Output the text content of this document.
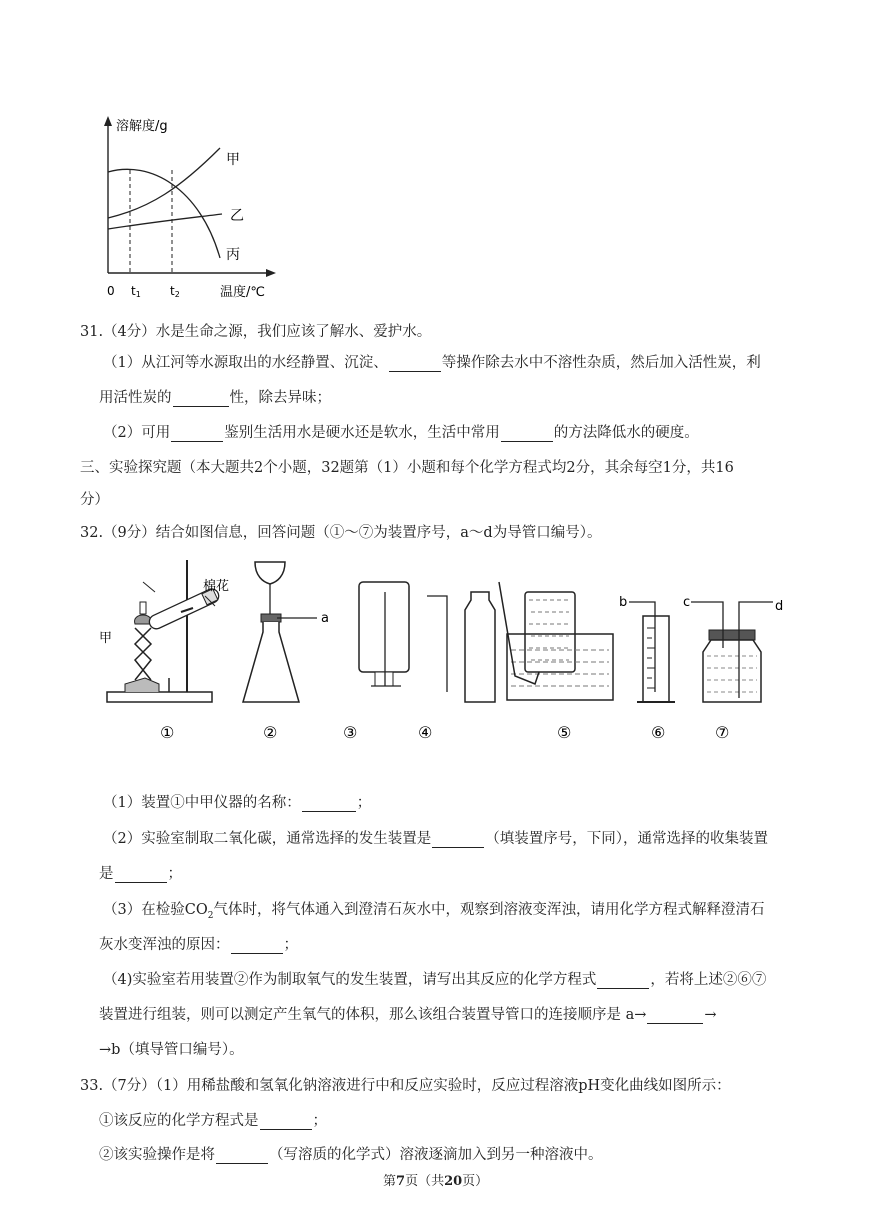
溶解度/g
温度/℃
0 t1 t2
甲
乙
丙
31.（4分）水是生命之源，我们应该了解水、爱护水。
（1）从江河等水源取出的水经静置、沉淀、	等操作除去水中不溶性杂质，然后加入活性炭，利
用活性炭的	性，除去异味；
（2）可用	鉴别生活用水是硬水还是软水，生活中常用	的方法降低水的硬度。
三、实验探究题（本大题共2个小题，32题第（1）小题和每个化学方程式均2分，其余每空1分，共16
分）
32.（9分）结合如图信息，回答问题（①～⑦为装置序号，a～d为导管口编号）。
棉花
甲
a
b	c	d
①	②	③	④	⑤	⑥	⑦
（1）装置①中甲仪器的名称：	；
（2）实验室制取二氧化碳，通常选择的发生装置是	（填装置序号，下同），通常选择的收集装置
是	；
（3）在检验$CO_2$气体时，将气体通入到澄清石灰水中，观察到溶液变浑浊，请用化学方程式解释澄清石
灰水变浑浊的原因：	；
（4)实验室若用装置②作为制取氧气的发生装置，请写出其反应的化学方程式	，若将上述②⑥⑦
装置进行组装，则可以测定产生氧气的体积，那么该组合装置导管口的连接顺序是 a→	→
→b（填导管口编号）。
33.（7分）（1）用稀盐酸和氢氧化钠溶液进行中和反应实验时，反应过程溶液pH变化曲线如图所示：
①该反应的化学方程式是	；
②该实验操作是将	（写溶质的化学式）溶液逐滴加入到另一种溶液中。
第7页（共20页）
